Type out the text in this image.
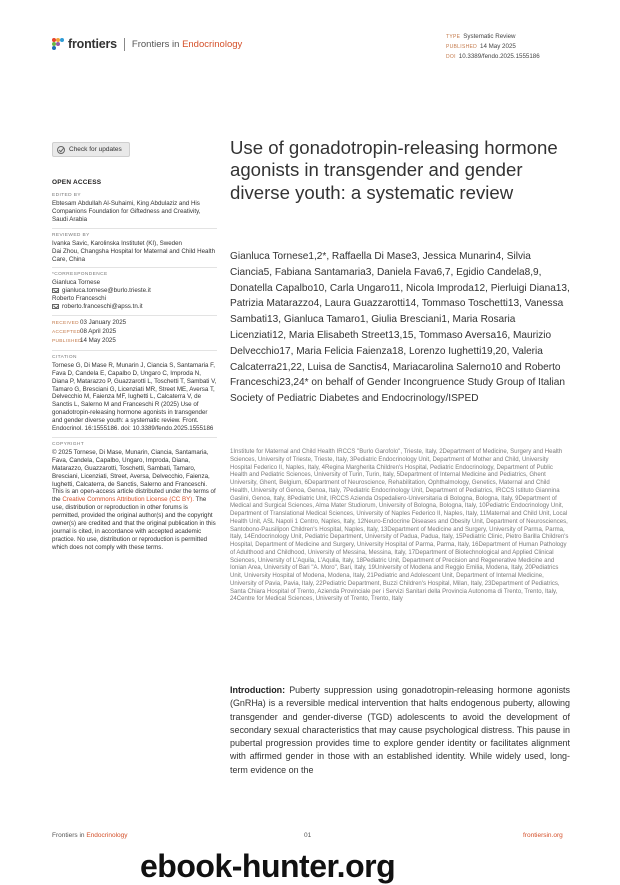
frontiers Frontiers in Endocrinology
TYPE Systematic Review
PUBLISHED 14 May 2025
DOI 10.3389/fendo.2025.1555186
Check for updates
OPEN ACCESS
EDITED BY

Ebtesam Abdullah Al-Suhaimi, King Abdulaziz and His Companions Foundation for Giftedness and Creativity, Saudi Arabia

REVIEWED BY

Ivanka Savic, Karolinska Institutet (KI), Sweden

Dai Zhou, Changsha Hospital for Maternal and Child Health Care, China

*CORRESPONDENCE

Gianluca Tornese

gianluca.tornese@burlo.trieste.it

Roberto Franceschi

roberto.franceschi@apss.tn.it

RECEIVED03 January 2025

ACCEPTED08 April 2025

PUBLISHED14 May 2025

CITATION

Tornese G, Di Mase R, Munarin J, Ciancia S, Santamaria F, Fava D, Candela E, Capalbo D, Ungaro C, Improda N, Diana P, Matarazzo P, Guazzarotti L, Toschetti T, Sambati V, Tamaro G, Bresciani G, Licenziati MR, Street ME, Aversa T, Delvecchio M, Faienza MF, Iughetti L, Calcaterra V, de Sanctis L, Salerno M and Franceschi R (2025) Use of gonadotropin-releasing hormone agonists in transgender and gender diverse youth: a systematic review. Front. Endocrinol. 16:1555186. doi: 10.3389/fendo.2025.1555186

COPYRIGHT

© 2025 Tornese, Di Mase, Munarin, Ciancia, Santamaria, Fava, Candela, Capalbo, Ungaro, Improda, Diana, Matarazzo, Guazzarotti, Toschetti, Sambati, Tamaro, Bresciani, Licenziati, Street, Aversa, Delvecchio, Faienza, Iughetti, Calcaterra, de Sanctis, Salerno and Franceschi. This is an open-access article distributed under the terms of the Creative Commons Attribution License (CC BY). The use, distribution or reproduction in other forums is permitted, provided the original author(s) and the copyright owner(s) are credited and that the original publication in this journal is cited, in accordance with accepted academic practice. No use, distribution or reproduction is permitted which does not comply with these terms.

Use of gonadotropin-releasing hormone agonists in transgender and gender diverse youth: a systematic review
Gianluca Tornese1,2*, Raffaella Di Mase3, Jessica Munarin4, Silvia Ciancia5, Fabiana Santamaria3, Daniela Fava6,7, Egidio Candela8,9, Donatella Capalbo10, Carla Ungaro11, Nicola Improda12, Pierluigi Diana13, Patrizia Matarazzo4, Laura Guazzarotti14, Tommaso Toschetti13, Vanessa Sambati13, Gianluca Tamaro1, Giulia Bresciani1, Maria Rosaria Licenziati12, Maria Elisabeth Street13,15, Tommaso Aversa16, Maurizio Delvecchio17, Maria Felicia Faienza18, Lorenzo Iughetti19,20, Valeria Calcaterra21,22, Luisa de Sanctis4, Mariacarolina Salerno10 and Roberto Franceschi23,24* on behalf of Gender Incongruence Study Group of Italian Society of Pediatric Diabetes and Endocrinology/ISPED
1Institute for Maternal and Child Health IRCCS "Burlo Garofolo", Trieste, Italy, 2Department of Medicine, Surgery and Health Sciences, University of Trieste, Trieste, Italy, 3Pediatric Endocrinology Unit, Department of Mother and Child, University Hospital Federico II, Naples, Italy, 4Regina Margherita Children's Hospital, Pediatric Endocrinology, Department of Public Health and Pediatric Sciences, University of Turin, Turin, Italy, 5Department of Internal Medicine and Pediatrics, Ghent University, Ghent, Belgium, 6Department of Neuroscience, Rehabilitation, Ophthalmology, Genetics, Maternal and Child Health, University of Genoa, Genoa, Italy, 7Pediatric Endocrinology Unit, Department of Pediatrics, IRCCS Istituto Giannina Gaslini, Genoa, Italy, 8Pediatric Unit, IRCCS Azienda Ospedaliero-Universitaria di Bologna, Bologna, Italy, 9Department of Medical and Surgical Sciences, Alma Mater Studiorum, University of Bologna, Bologna, Italy, 10Pediatric Endocrinology Unit, Department of Translational Medical Sciences, University of Naples Federico II, Naples, Italy, 11Maternal and Child Unit, Local Health Unit, ASL Napoli 1 Centro, Naples, Italy, 12Neuro-Endocrine Diseases and Obesity Unit, Department of Neurosciences, Santobono-Pausilipon Children's Hospital, Naples, Italy, 13Department of Medicine and Surgery, University of Parma, Parma, Italy, 14Endocrinology Unit, Pediatric Department, University of Padua, Padua, Italy, 15Pediatric Clinic, Pietro Barilla Children's Hospital, Department of Medicine and Surgery, University Hospital of Parma, Parma, Italy, 16Department of Human Pathology of Adulthood and Childhood, University of Messina, Messina, Italy, 17Department of Biotechnological and Applied Clinical Sciences, University of L'Aquila, L'Aquila, Italy, 18Pediatric Unit, Department of Precision and Regenerative Medicine and Ionian Area, University of Bari "A. Moro", Bari, Italy, 19University of Modena and Reggio Emilia, Modena, Italy, 20Pediatrics Unit, University Hospital of Modena, Modena, Italy, 21Pediatric and Adolescent Unit, Department of Internal Medicine, University of Pavia, Pavia, Italy, 22Pediatric Department, Buzzi Children's Hospital, Milan, Italy, 23Department of Pediatrics, Santa Chiara Hospital of Trento, Azienda Provinciale per i Servizi Sanitari della Provincia Autonoma di Trento, Trento, Italy, 24Centre for Medical Sciences, University of Trento, Trento, Italy
Introduction: Puberty suppression using gonadotropin-releasing hormone agonists (GnRHa) is a reversible medical intervention that halts endogenous puberty, allowing transgender and gender-diverse (TGD) adolescents to avoid the development of secondary sexual characteristics that may cause psychological distress. This pause in pubertal progression provides time to explore gender identity or facilitates alignment with affirmed gender in those with an established identity. While widely used, long-term evidence on the
Frontiers in Endocrinology	01	frontiersin.org
ebook-hunter.org
